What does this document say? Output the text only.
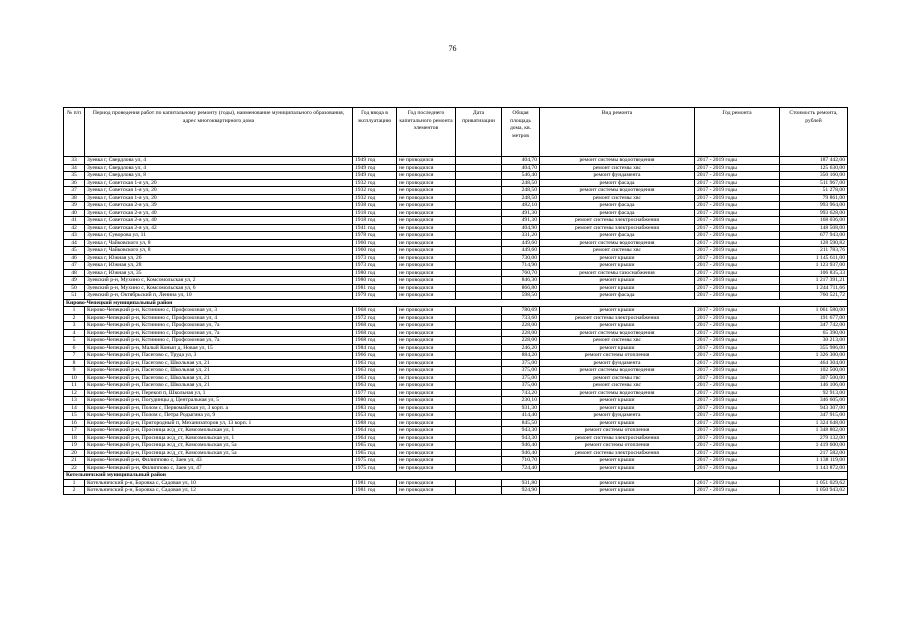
76
№ п/п	Период проведения работ по капитальному ремонту (годы), наименование муниципального образования, адрес многоквартирного дома	Год ввода в эксплуатацию	Год последнего капитального ремонта элементов	Дата приватизации	Общая площадь дома, кв. метров	Вид ремонта	Год ремонта	Стоимость ремонта, рублей
33	Зуевка г, Свердлова ул, 4	1949 год	не проводился		404,70	ремонт системы водоотведения	2017 - 2019 годы	187 442,00
34	Зуевка г, Свердлова ул, 4	1949 год	не проводился		404,70	ремонт системы хвс	2017 - 2019 годы	125 630,00
35	Зуевка г, Свердлова ул, 8	1949 год	не проводился		546,40	ремонт фундамента	2017 - 2019 годы	350 160,00
36	Зуевка г, Советская 1-я ул, 20	1932 год	не проводился		248,50	ремонт фасада	2017 - 2019 годы	511 967,00
37	Зуевка г, Советская 1-я ул, 20	1932 год	не проводился		248,50	ремонт системы водоотведения	2017 - 2019 годы	51 278,00
38	Зуевка г, Советская 1-я ул, 20	1932 год	не проводился		248,50	ремонт системы хвс	2017 - 2019 годы	79 861,00
39	Зуевка г, Советская 2-я ул, 39	1938 год	не проводился		482,10	ремонт фасада	2017 - 2019 годы	993 964,00
40	Зуевка г, Советская 2-я ул, 40	1918 год	не проводился		491,30	ремонт фасада	2017 - 2019 годы	993 628,00
41	Зуевка г, Советская 2-я ул, 40	1918 год	не проводился		491,30	ремонт системы электроснабжения	2017 - 2019 годы	168 036,00
42	Зуевка г, Советская 2-я ул, 42	1941 год	не проводился		404,90	ремонт системы электроснабжения	2017 - 2019 годы	148 508,00
43	Зуевка г, Суворова ул, 11	1978 год	не проводился		331,20	ремонт фасада	2017 - 2019 годы	677 943,00
44	Зуевка г, Чайковского ул, 8	1960 год	не проводился		449,60	ремонт системы водоотведения	2017 - 2019 годы	128 590,82
45	Зуевка г, Чайковского ул, 8	1960 год	не проводился		449,60	ремонт системы хвс	2017 - 2019 годы	211 783,76
46	Зуевка г, Южная ул, 26	1973 год	не проводился		730,00	ремонт крыши	2017 - 2019 годы	1 145 611,00
47	Зуевка г, Южная ул, 28	1973 год	не проводился		714,90	ремонт крыши	2017 - 2019 годы	1 123 937,00
48	Зуевка г, Южная ул, 35	1980 год	не проводился		760,70	ремонт системы газоснабжения	2017 - 2019 годы	106 835,33
49	Зуевский р-н, Мухино с, Комсомольская ул, 2	1980 год	не проводился		846,30	ремонт крыши	2017 - 2019 годы	1 217 391,21
50	Зуевский р-н, Мухино с, Комсомольская ул, 6	1981 год	не проводился		866,80	ремонт крыши	2017 - 2019 годы	1 244 711,66
51	Зуевский р-н, Октябрьский п, Ленина ул, 10	1979 год	не проводился		598,50	ремонт фасада	2017 - 2019 годы	760 521,72
Кирово-Чепецкий муниципальный район								
1	Кирово-Чепецкий р-н, Кстинино с, Профсоюзная ул, 3	1968 год	не проводился		780,69	ремонт крыши	2017 - 2019 годы	1 061 580,00
2	Кирово-Чепецкий р-н, Кстинино с, Профсоюзная ул, 4	1972 год	не проводился		733,60	ремонт системы электроснабжения	2017 - 2019 годы	191 677,00
3	Кирово-Чепецкий р-н, Кстинино с, Профсоюзная ул, 7а	1968 год	не проводился		228,00	ремонт крыши	2017 - 2019 годы	347 742,00
4	Кирово-Чепецкий р-н, Кстинино с, Профсоюзная ул, 7а	1968 год	не проводился		228,00	ремонт системы водоотведения	2017 - 2019 годы	65 390,00
5	Кирово-Чепецкий р-н, Кстинино с, Профсоюзная ул, 7а	1968 год	не проводился		228,00	ремонт системы хвс	2017 - 2019 годы	30 213,00
6	Кирово-Чепецкий р-н, Малый Конып д, Новая ул, 15	1984 год	не проводился		246,20	ремонт крыши	2017 - 2019 годы	355 986,00
7	Кирово-Чепецкий р-н, Пасегово с, Труда ул, 3	1966 год	не проводился		884,20	ремонт системы отопления	2017 - 2019 годы	1 326 300,00
8	Кирово-Чепецкий р-н, Пасегово с, Школьная ул, 21	1963 год	не проводился		375,00	ремонт фундамента	2017 - 2019 годы	464 304,00
9	Кирово-Чепецкий р-н, Пасегово с, Школьная ул, 21	1963 год	не проводился		375,00	ремонт системы водоотведения	2017 - 2019 годы	102 500,00
10	Кирово-Чепецкий р-н, Пасегово с, Школьная ул, 21	1963 год	не проводился		375,00	ремонт системы гвс	2017 - 2019 годы	307 500,00
11	Кирово-Чепецкий р-н, Пасегово с, Школьная ул, 21	1963 год	не проводился		375,00	ремонт системы хвс	2017 - 2019 годы	146 106,00
12	Кирово-Чепецкий р-н, Перекоп п, Школьная ул, 1	1977 год	не проводился		743,20	ремонт системы водоотведения	2017 - 2019 годы	92 913,00
13	Кирово-Чепецкий р-н, Погудинцы д, Центральная ул, 5	1980 год	не проводился		230,10	ремонт крыши	2017 - 2019 годы	346 605,00
14	Кирово-Чепецкий р-н, Полом с, Первомайская ул, 3 корп. а	1983 год	не проводился		931,30	ремонт крыши	2017 - 2019 годы	943 307,00
15	Кирово-Чепецкий р-н, Полом с, Петра Родыгина ул, 9	1953 год	не проводился		414,40	ремонт фундамента	2017 - 2019 годы	347 915,00
16	Кирово-Чепецкий р-н, Пригородный п, Механизаторов ул, 13 корп. 1	1988 год	не проводился		845,50	ремонт крыши	2017 - 2019 годы	1 324 648,00
17	Кирово-Чепецкий р-н, Просница ж/д_ст, Комсомольская ул, 1	1964 год	не проводился		943,30	ремонт системы отопления	2017 - 2019 годы	1 348 802,00
18	Кирово-Чепецкий р-н, Просница ж/д_ст, Комсомольская ул, 1	1964 год	не проводился		943,30	ремонт системы электроснабжения	2017 - 2019 годы	279 132,00
19	Кирово-Чепецкий р-н, Просница ж/д_ст, Комсомольская ул, 5а	1965 год	не проводился		946,40	ремонт системы отопления	2017 - 2019 годы	1 419 600,00
20	Кирово-Чепецкий р-н, Просница ж/д_ст, Комсомольская ул, 5а	1965 год	не проводился		946,40	ремонт системы электроснабжения	2017 - 2019 годы	217 582,00
21	Кирово-Чепецкий р-н, Филиппово с, Заеи ул, 43	1975 год	не проводился		710,70	ремонт крыши	2017 - 2019 годы	1 138 119,00
22	Кирово-Чепецкий р-н, Филиппово с, Заеи ул, 47	1975 год	не проводился		724,40	ремонт крыши	2017 - 2019 годы	1 143 872,00
Котельничский муниципальный район								
1	Котельничский р-н, Боровка с, Садовая ул, 10	1981 год	не проводился		931,80	ремонт крыши	2017 - 2019 годы	1 051 029,62
2	Котельничский р-н, Боровка с, Садовая ул, 12	1981 год	не проводился		924,90	ремонт крыши	2017 - 2019 годы	1 050 943,02
